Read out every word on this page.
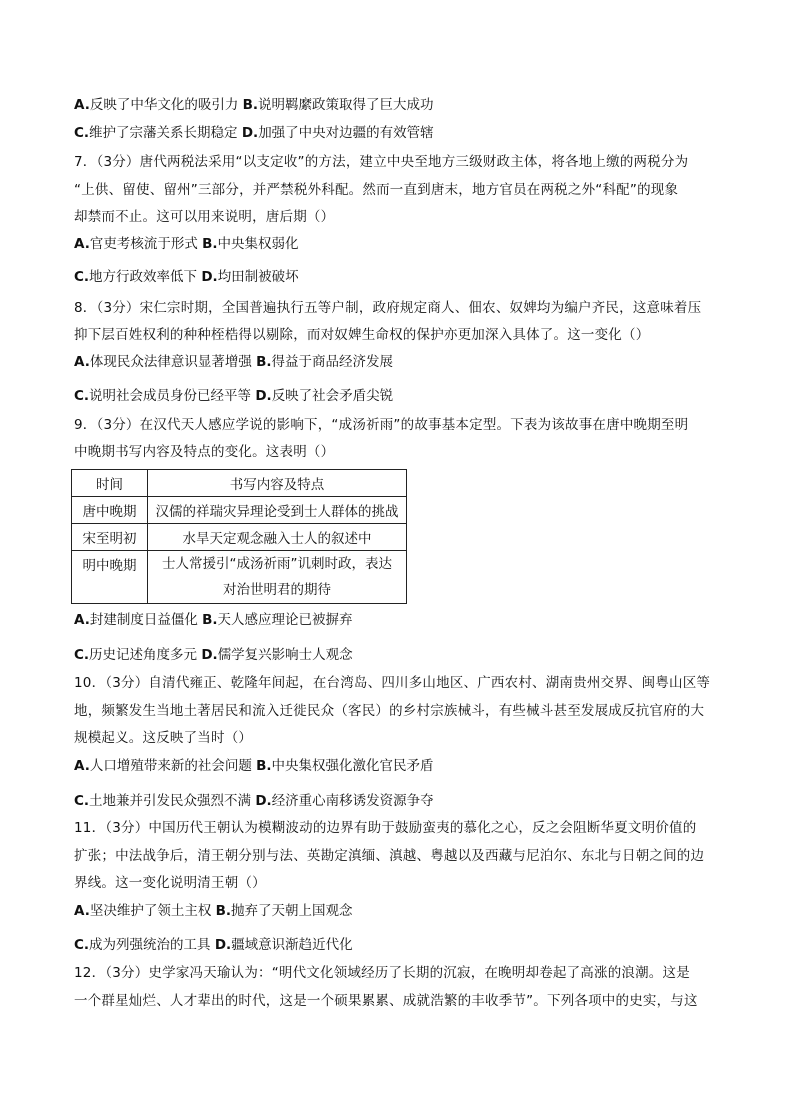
A.反映了中华文化的吸引力 B.说明羁縻政策取得了巨大成功
C.维护了宗藩关系长期稳定 D.加强了中央对边疆的有效管辖
7．（3分）唐代两税法采用“以支定收”的方法，建立中央至地方三级财政主体，将各地上缴的两税分为
“上供、留使、留州”三部分，并严禁税外科配。然而一直到唐末，地方官员在两税之外“科配”的现象
却禁而不止。这可以用来说明，唐后期（）
A.官吏考核流于形式 B.中央集权弱化
C.地方行政效率低下 D.均田制被破坏
8．（3分）宋仁宗时期，全国普遍执行五等户制，政府规定商人、佃农、奴婢均为编户齐民，这意味着压
抑下层百姓权利的种种桎梏得以剔除，而对奴婢生命权的保护亦更加深入具体了。这一变化（）
A.体现民众法律意识显著增强 B.得益于商品经济发展
C.说明社会成员身份已经平等 D.反映了社会矛盾尖锐
9．（3分）在汉代天人感应学说的影响下，“成汤祈雨”的故事基本定型。下表为该故事在唐中晚期至明
中晚期书写内容及特点的变化。这表明（）
时间	书写内容及特点
唐中晚期	汉儒的祥瑞灾异理论受到士人群体的挑战
宋至明初	水旱天定观念融入士人的叙述中
明中晚期	士人常援引“成汤祈雨”讥刺时政，表达
对治世明君的期待
A.封建制度日益僵化 B.天人感应理论已被摒弃
C.历史记述角度多元 D.儒学复兴影响士人观念
10．（3分）自清代雍正、乾隆年间起，在台湾岛、四川多山地区、广西农村、湖南贵州交界、闽粤山区等
地，频繁发生当地土著居民和流入迁徙民众（客民）的乡村宗族械斗，有些械斗甚至发展成反抗官府的大
规模起义。这反映了当时（）
A.人口增殖带来新的社会问题 B.中央集权强化激化官民矛盾
C.土地兼并引发民众强烈不满 D.经济重心南移诱发资源争夺
11．（3分）中国历代王朝认为模糊波动的边界有助于鼓励蛮夷的慕化之心，反之会阻断华夏文明价值的
扩张；中法战争后，清王朝分别与法、英勘定滇缅、滇越、粤越以及西藏与尼泊尔、东北与日朝之间的边
界线。这一变化说明清王朝（）
A.坚决维护了领土主权 B.抛弃了天朝上国观念
C.成为列强统治的工具 D.疆域意识渐趋近代化
12．（3分）史学家冯天瑜认为：“明代文化领域经历了长期的沉寂，在晚明却卷起了高涨的浪潮。这是
一个群星灿烂、人才辈出的时代，这是一个硕果累累、成就浩繁的丰收季节”。下列各项中的史实，与这
